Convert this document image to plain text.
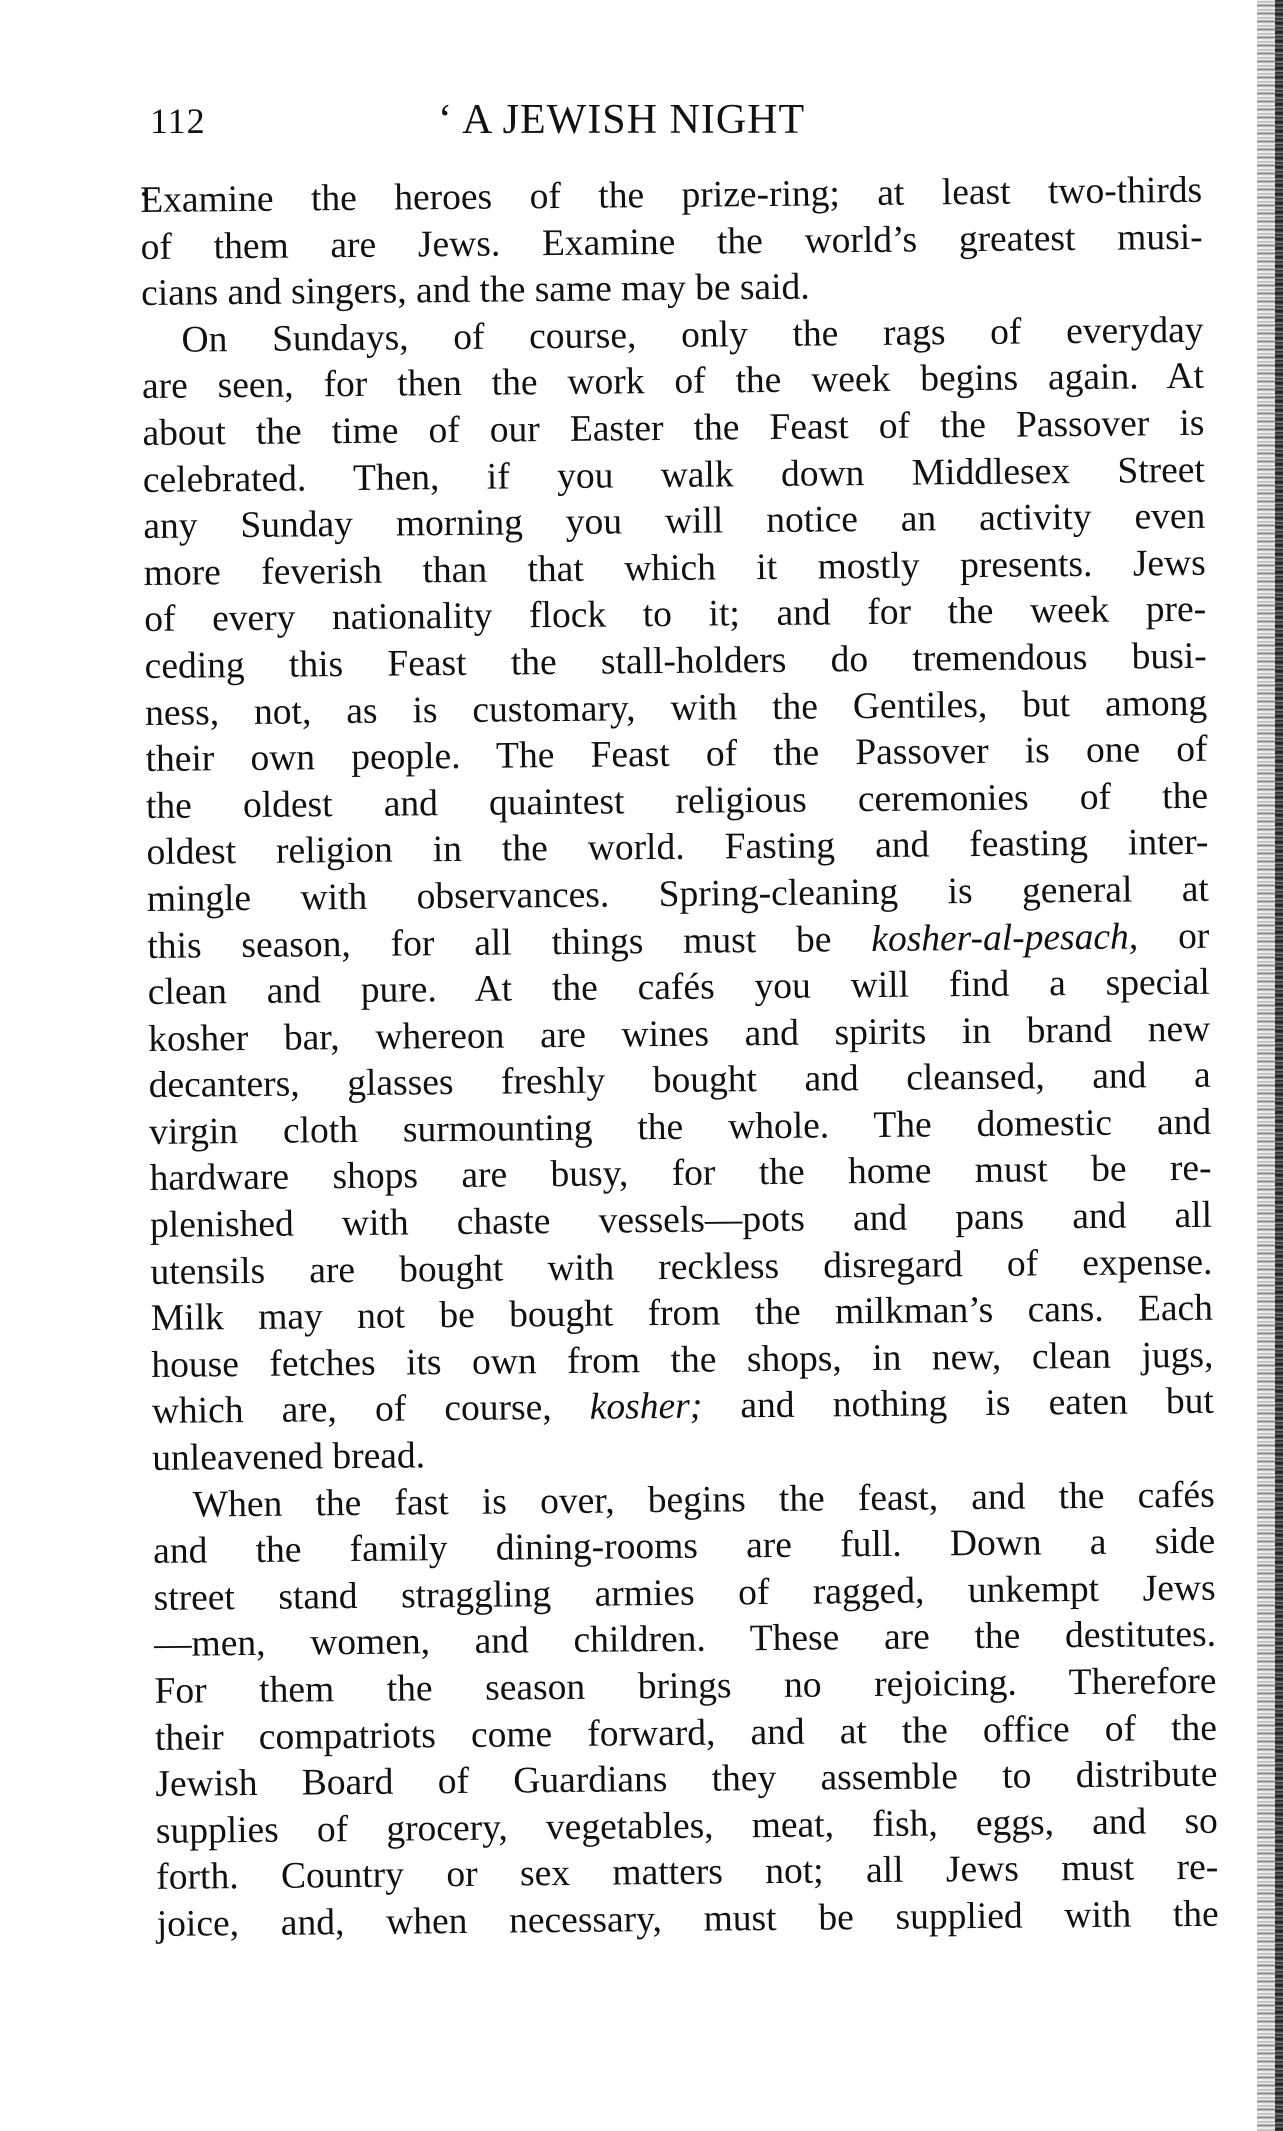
112	‘ A JEWISH NIGHT
Examine the heroes of the prize-ring; at least two-thirds
of them are Jews. Examine the world’s greatest musi-
cians and singers, and the same may be said.
On Sundays, of course, only the rags of everyday
are seen, for then the work of the week begins again. At
about the time of our Easter the Feast of the Passover is
celebrated. Then, if you walk down Middlesex Street
any Sunday morning you will notice an activity even
more feverish than that which it mostly presents. Jews
of every nationality flock to it; and for the week pre-
ceding this Feast the stall-holders do tremendous busi-
ness, not, as is customary, with the Gentiles, but among
their own people. The Feast of the Passover is one of
the oldest and quaintest religious ceremonies of the
oldest religion in the world. Fasting and feasting inter-
mingle with observances. Spring-cleaning is general at
this season, for all things must be kosher-al-pesach, or
clean and pure. At the cafés you will find a special
kosher bar, whereon are wines and spirits in brand new
decanters, glasses freshly bought and cleansed, and a
virgin cloth surmounting the whole. The domestic and
hardware shops are busy, for the home must be re-
plenished with chaste vessels—pots and pans and all
utensils are bought with reckless disregard of expense.
Milk may not be bought from the milkman’s cans. Each
house fetches its own from the shops, in new, clean jugs,
which are, of course, kosher; and nothing is eaten but
unleavened bread.
When the fast is over, begins the feast, and the cafés
and the family dining-rooms are full. Down a side
street stand straggling armies of ragged, unkempt Jews
—men, women, and children. These are the destitutes.
For them the season brings no rejoicing. Therefore
their compatriots come forward, and at the office of the
Jewish Board of Guardians they assemble to distribute
supplies of grocery, vegetables, meat, fish, eggs, and so
forth. Country or sex matters not; all Jews must re-
joice, and, when necessary, must be supplied with the
